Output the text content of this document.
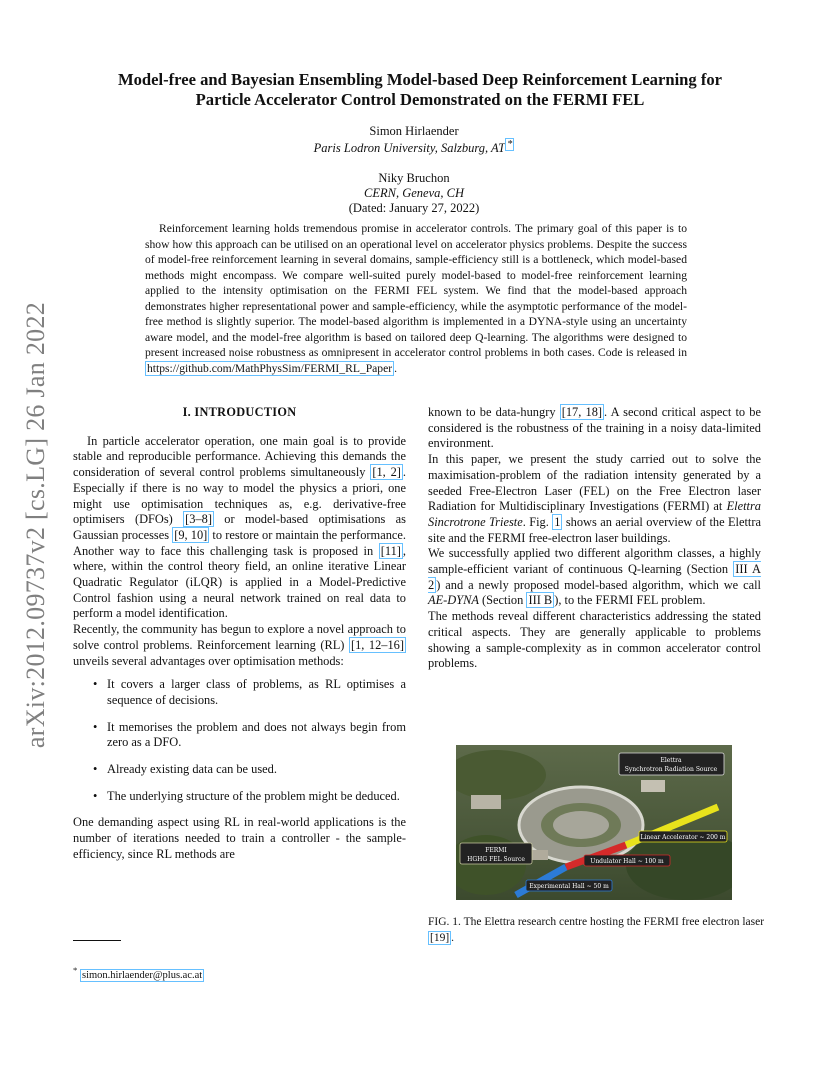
arXiv:2012.09737v2 [cs.LG] 26 Jan 2022
Model-free and Bayesian Ensembling Model-based Deep Reinforcement Learning for
Particle Accelerator Control Demonstrated on the FERMI FEL
Simon Hirlaender
Paris Lodron University, Salzburg, AT *
Niky Bruchon
CERN, Geneva, CH
(Dated: January 27, 2022)
Reinforcement learning holds tremendous promise in accelerator controls. The primary goal of this paper is to show how this approach can be utilised on an operational level on accelerator physics problems. Despite the success of model-free reinforcement learning in several domains, sample-efficiency still is a bottleneck, which model-based methods might encompass. We compare well-suited purely model-based to model-free reinforcement learning applied to the intensity optimisation on the FERMI FEL system. We find that the model-based approach demonstrates higher representational power and sample-efficiency, while the asymptotic performance of the model-free method is slightly superior. The model-based algorithm is implemented in a DYNA-style using an uncertainty aware model, and the model-free algorithm is based on tailored deep Q-learning. The algorithms were designed to present increased noise robustness as omnipresent in accelerator control problems in both cases. Code is released in https://github.com/MathPhysSim/FERMI_RL_Paper .
I. INTRODUCTION

In particle accelerator operation, one main goal is to provide stable and reproducible performance. Achieving this demands the consideration of several control problems simultaneously [1, 2] . Especially if there is no way to model the physics a priori, one might use optimisation techniques as, e.g. derivative-free optimisers (DFOs) [3–8] or model-based optimisations as Gaussian processes [9, 10] to restore or maintain the performance. Another way to face this challenging task is proposed in [11] , where, within the control theory field, an online iterative Linear Quadratic Regulator (iLQR) is applied in a Model-Predictive Control fashion using a neural network trained on real data to perform a model identification.

Recently, the community has begun to explore a novel approach to solve control problems. Reinforcement learning (RL) [1, 12–16] unveils several advantages over optimisation methods:

• It covers a larger class of problems, as RL optimises a sequence of decisions.
• It memorises the problem and does not always begin from zero as a DFO.
• Already existing data can be used.
• The underlying structure of the problem might be deduced.

One demanding aspect using RL in real-world applications is the number of iterations needed to train a controller - the sample-efficiency, since RL methods are

known to be data-hungry [17, 18] . A second critical aspect to be considered is the robustness of the training in a noisy data-limited environment.

In this paper, we present the study carried out to solve the maximisation-problem of the radiation intensity generated by a seeded Free-Electron Laser (FEL) on the Free Electron laser Radiation for Multidisciplinary Investigations (FERMI) at Elettra Sincrotrone Trieste. Fig. 1 shows an aerial overview of the Elettra site and the FERMI free-electron laser buildings.

We successfully applied two different algorithm classes, a highly sample-efficient variant of continuous Q-learning (Section III A 2 ) and a newly proposed model-based algorithm, which we call AE-DYNA (Section III B ), to the FERMI FEL problem.

The methods reveal different characteristics addressing the stated critical aspects. They are generally applicable to problems showing a sample-complexity as in common accelerator control problems.

Elettra
Synchrotron Radiation Source
FERMI
HGHG FEL Source
Linear Accelerator ~ 200 m
Undulator Hall ~ 100 m
Experimental Hall ~ 50 m
FIG. 1. The Elettra research centre hosting the FERMI free electron laser [19] .
* simon.hirlaender@plus.ac.at
